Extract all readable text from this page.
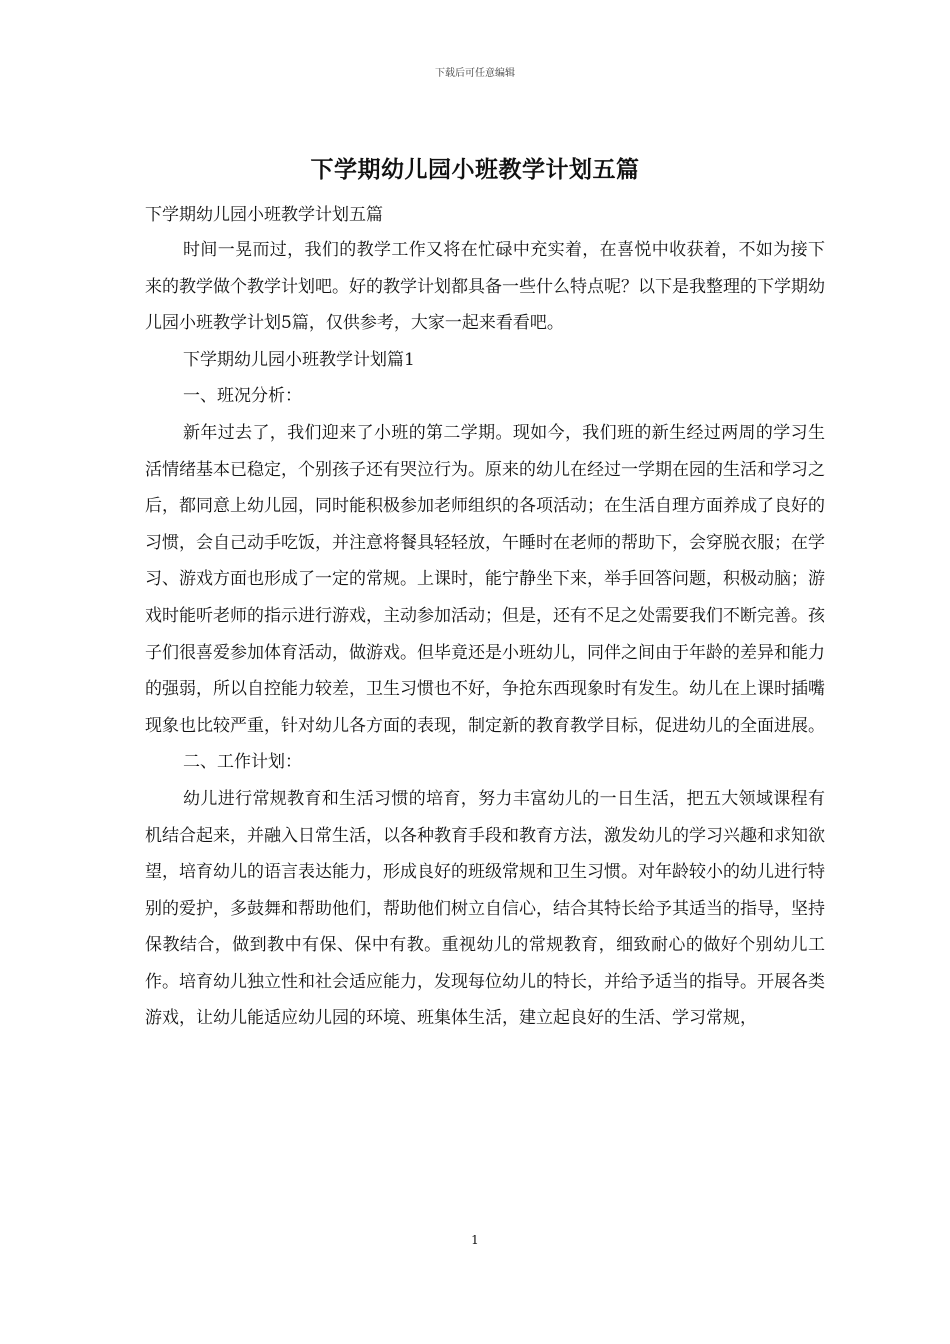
下载后可任意编辑
下学期幼儿园小班教学计划五篇

下学期幼儿园小班教学计划五篇

时间一晃而过，我们的教学工作又将在忙碌中充实着，在喜悦中收获着，不如为接下来的教学做个教学计划吧。好的教学计划都具备一些什么特点呢？以下是我整理的下学期幼儿园小班教学计划5篇，仅供参考，大家一起来看看吧。

下学期幼儿园小班教学计划篇1

一、班况分析：

新年过去了，我们迎来了小班的第二学期。现如今，我们班的新生经过两周的学习生活情绪基本已稳定，个别孩子还有哭泣行为。原来的幼儿在经过一学期在园的生活和学习之后，都同意上幼儿园，同时能积极参加老师组织的各项活动；在生活自理方面养成了良好的习惯，会自己动手吃饭，并注意将餐具轻轻放，午睡时在老师的帮助下，会穿脱衣服；在学习、游戏方面也形成了一定的常规。上课时，能宁静坐下来，举手回答问题，积极动脑；游戏时能听老师的指示进行游戏，主动参加活动；但是，还有不足之处需要我们不断完善。孩子们很喜爱参加体育活动，做游戏。但毕竟还是小班幼儿，同伴之间由于年龄的差异和能力的强弱，所以自控能力较差，卫生习惯也不好，争抢东西现象时有发生。幼儿在上课时插嘴现象也比较严重，针对幼儿各方面的表现，制定新的教育教学目标，促进幼儿的全面进展。

二、工作计划：

幼儿进行常规教育和生活习惯的培育，努力丰富幼儿的一日生活，把五大领域课程有机结合起来，并融入日常生活，以各种教育手段和教育方法，激发幼儿的学习兴趣和求知欲望，培育幼儿的语言表达能力，形成良好的班级常规和卫生习惯。对年龄较小的幼儿进行特别的爱护，多鼓舞和帮助他们，帮助他们树立自信心，结合其特长给予其适当的指导，坚持保教结合，做到教中有保、保中有教。重视幼儿的常规教育，细致耐心的做好个别幼儿工作。培育幼儿独立性和社会适应能力，发现每位幼儿的特长，并给予适当的指导。开展各类游戏，让幼儿能适应幼儿园的环境、班集体生活，建立起良好的生活、学习常规，

1
